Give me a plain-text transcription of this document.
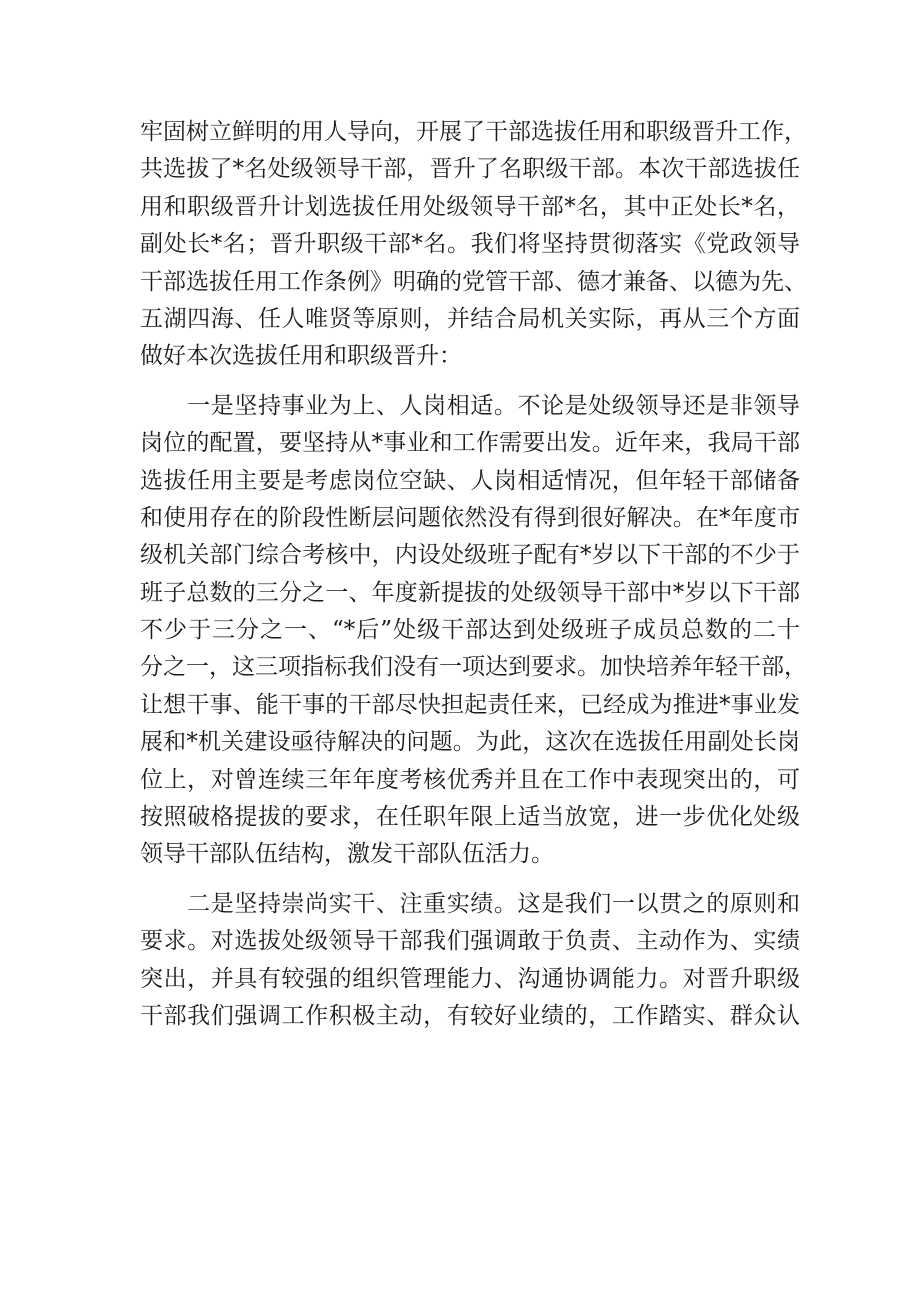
牢固树立鲜明的用人导向，开展了干部选拔任用和职级晋升工作，
共选拔了*名处级领导干部，晋升了名职级干部。本次干部选拔任
用和职级晋升计划选拔任用处级领导干部*名，其中正处长*名，
副处长*名；晋升职级干部*名。我们将坚持贯彻落实《党政领导
干部选拔任用工作条例》明确的党管干部、德才兼备、以德为先、
五湖四海、任人唯贤等原则，并结合局机关实际，再从三个方面
做好本次选拔任用和职级晋升：
　　一是坚持事业为上、人岗相适。不论是处级领导还是非领导
岗位的配置，要坚持从*事业和工作需要出发。近年来，我局干部
选拔任用主要是考虑岗位空缺、人岗相适情况，但年轻干部储备
和使用存在的阶段性断层问题依然没有得到很好解决。在*年度市
级机关部门综合考核中，内设处级班子配有*岁以下干部的不少于
班子总数的三分之一、年度新提拔的处级领导干部中*岁以下干部
不少于三分之一、“*后”处级干部达到处级班子成员总数的二十
分之一，这三项指标我们没有一项达到要求。加快培养年轻干部，
让想干事、能干事的干部尽快担起责任来，已经成为推进*事业发
展和*机关建设亟待解决的问题。为此，这次在选拔任用副处长岗
位上，对曾连续三年年度考核优秀并且在工作中表现突出的，可
按照破格提拔的要求，在任职年限上适当放宽，进一步优化处级
领导干部队伍结构，激发干部队伍活力。
　　二是坚持崇尚实干、注重实绩。这是我们一以贯之的原则和
要求。对选拔处级领导干部我们强调敢于负责、主动作为、实绩
突出，并具有较强的组织管理能力、沟通协调能力。对晋升职级
干部我们强调工作积极主动，有较好业绩的，工作踏实、群众认
